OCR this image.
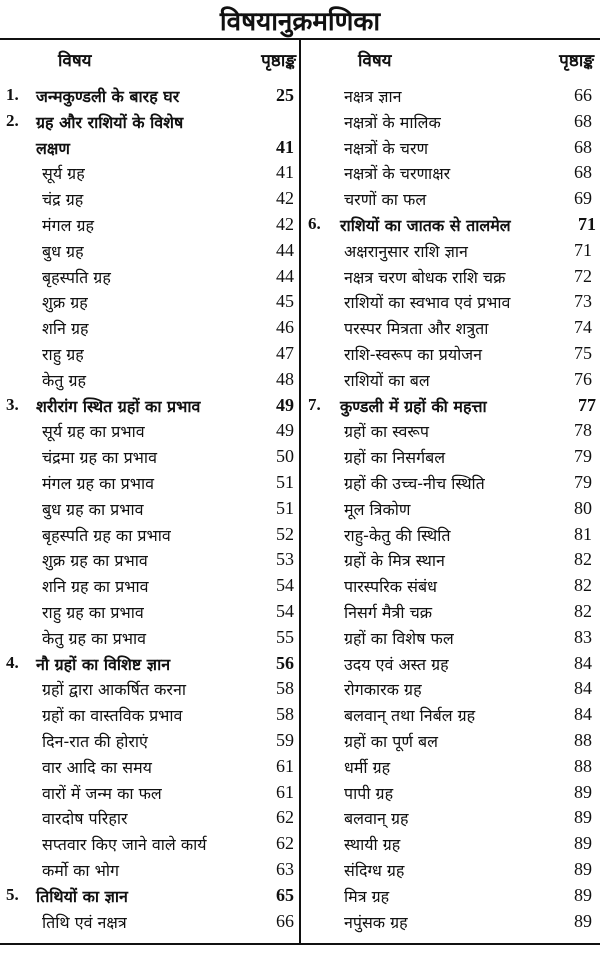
विषयानुक्रमणिका
विषय	पृष्ठाङ्क
1. जन्मकुण्डली के बारह घर	25
2. ग्रह और राशियों के विशेष
लक्षण	41
सूर्य ग्रह	41
चंद्र ग्रह	42
मंगल ग्रह	42
बुध ग्रह	44
बृहस्पति ग्रह	44
शुक्र ग्रह	45
शनि ग्रह	46
राहु ग्रह	47
केतु ग्रह	48
3. शरीरांग स्थित ग्रहों का प्रभाव	49
सूर्य ग्रह का प्रभाव	49
चंद्रमा ग्रह का प्रभाव	50
मंगल ग्रह का प्रभाव	51
बुध ग्रह का प्रभाव	51
बृहस्पति ग्रह का प्रभाव	52
शुक्र ग्रह का प्रभाव	53
शनि ग्रह का प्रभाव	54
राहु ग्रह का प्रभाव	54
केतु ग्रह का प्रभाव	55
4. नौ ग्रहों का विशिष्ट ज्ञान	56
ग्रहों द्वारा आकर्षित करना	58
ग्रहों का वास्तविक प्रभाव	58
दिन-रात की होराएं	59
वार आदि का समय	61
वारों में जन्म का फल	61
वारदोष परिहार	62
सप्तवार किए जाने वाले कार्य	62
कर्मो का भोग	63
5. तिथियों का ज्ञान	65
तिथि एवं नक्षत्र	66
विषय	पृष्ठाङ्क
नक्षत्र ज्ञान	66
नक्षत्रों के मालिक	68
नक्षत्रों के चरण	68
नक्षत्रों के चरणाक्षर	68
चरणों का फल	69
6. राशियों का जातक से तालमेल	71
अक्षरानुसार राशि ज्ञान	71
नक्षत्र चरण बोधक राशि चक्र	72
राशियों का स्वभाव एवं प्रभाव	73
परस्पर मित्रता और शत्रुता	74
राशि-स्वरूप का प्रयोजन	75
राशियों का बल	76
7. कुण्डली में ग्रहों की महत्ता	77
ग्रहों का स्वरूप	78
ग्रहों का निसर्गबल	79
ग्रहों की उच्च-नीच स्थिति	79
मूल त्रिकोण	80
राहु-केतु की स्थिति	81
ग्रहों के मित्र स्थान	82
पारस्परिक संबंध	82
निसर्ग मैत्री चक्र	82
ग्रहों का विशेष फल	83
उदय एवं अस्त ग्रह	84
रोगकारक ग्रह	84
बलवान् तथा निर्बल ग्रह	84
ग्रहों का पूर्ण बल	88
धर्मी ग्रह	88
पापी ग्रह	89
बलवान् ग्रह	89
स्थायी ग्रह	89
संदिग्ध ग्रह	89
मित्र ग्रह	89
नपुंसक ग्रह	89
